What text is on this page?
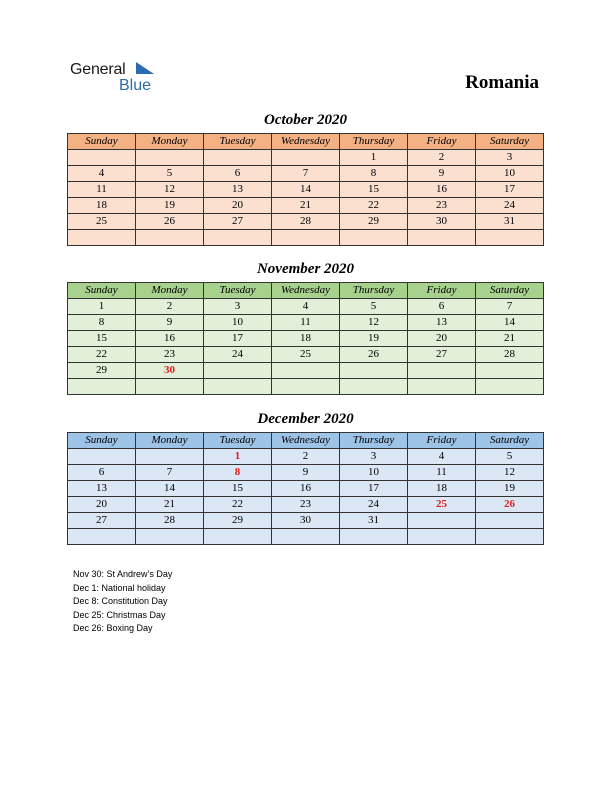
General
Blue	Romania
October 2020
Sunday	Monday	Tuesday	Wednesday	Thursday	Friday	Saturday
				1	2	3
4	5	6	7	8	9	10
11	12	13	14	15	16	17
18	19	20	21	22	23	24
25	26	27	28	29	30	31

November 2020
Sunday	Monday	Tuesday	Wednesday	Thursday	Friday	Saturday
1	2	3	4	5	6	7
8	9	10	11	12	13	14
15	16	17	18	19	20	21
22	23	24	25	26	27	28
29	30					

December 2020
Sunday	Monday	Tuesday	Wednesday	Thursday	Friday	Saturday
		1	2	3	4	5
6	7	8	9	10	11	12
13	14	15	16	17	18	19
20	21	22	23	24	25	26
27	28	29	30	31		

Nov 30: St Andrew’s Day
Dec 1: National holiday
Dec 8: Constitution Day
Dec 25: Christmas Day
Dec 26: Boxing Day
